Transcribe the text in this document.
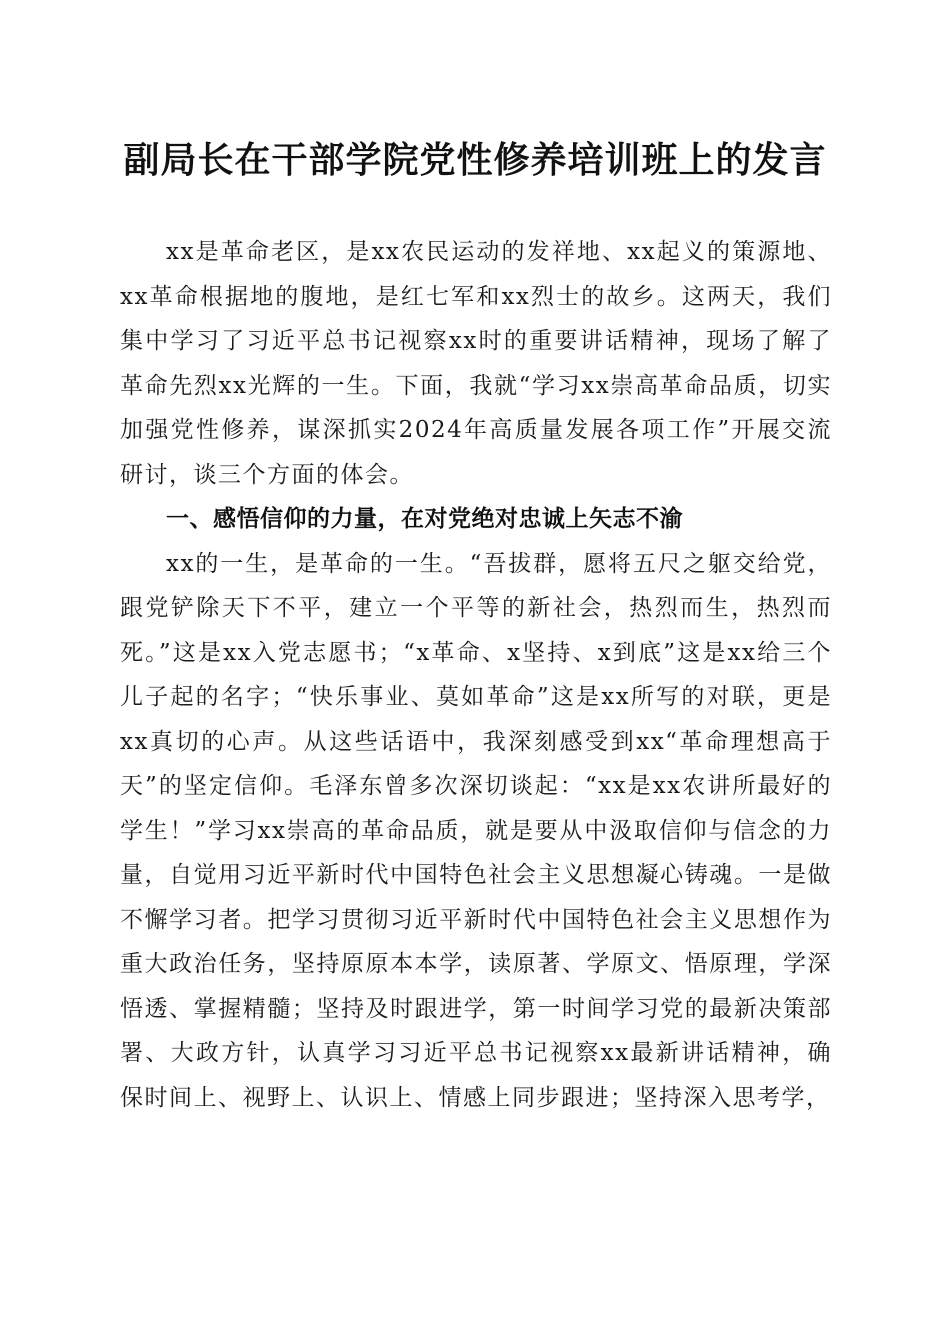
副局长在干部学院党性修养培训班上的发言

xx是革命老区，是xx农民运动的发祥地、xx起义的策源地、xx革命根据地的腹地，是红七军和xx烈士的故乡。这两天，我们集中学习了习近平总书记视察xx时的重要讲话精神，现场了解了革命先烈xx光辉的一生。下面，我就“学习xx崇高革命品质，切实加强党性修养，谋深抓实2024年高质量发展各项工作”开展交流研讨，谈三个方面的体会。

一、感悟信仰的力量，在对党绝对忠诚上矢志不渝

xx的一生，是革命的一生。“吾拔群，愿将五尺之躯交给党，跟党铲除天下不平，建立一个平等的新社会，热烈而生，热烈而死。”这是xx入党志愿书；“x革命、x坚持、x到底”这是xx给三个儿子起的名字；“快乐事业、莫如革命”这是xx所写的对联，更是xx真切的心声。从这些话语中，我深刻感受到xx“革命理想高于天”的坚定信仰。毛泽东曾多次深切谈起：“xx是xx农讲所最好的学生！”学习xx崇高的革命品质，就是要从中汲取信仰与信念的力量，自觉用习近平新时代中国特色社会主义思想凝心铸魂。一是做不懈学习者。把学习贯彻习近平新时代中国特色社会主义思想作为重大政治任务，坚持原原本本学，读原著、学原文、悟原理，学深悟透、掌握精髓；坚持及时跟进学，第一时间学习党的最新决策部署、大政方针，认真学习习近平总书记视察xx最新讲话精神，确保时间上、视野上、认识上、情感上同步跟进；坚持深入思考学，
